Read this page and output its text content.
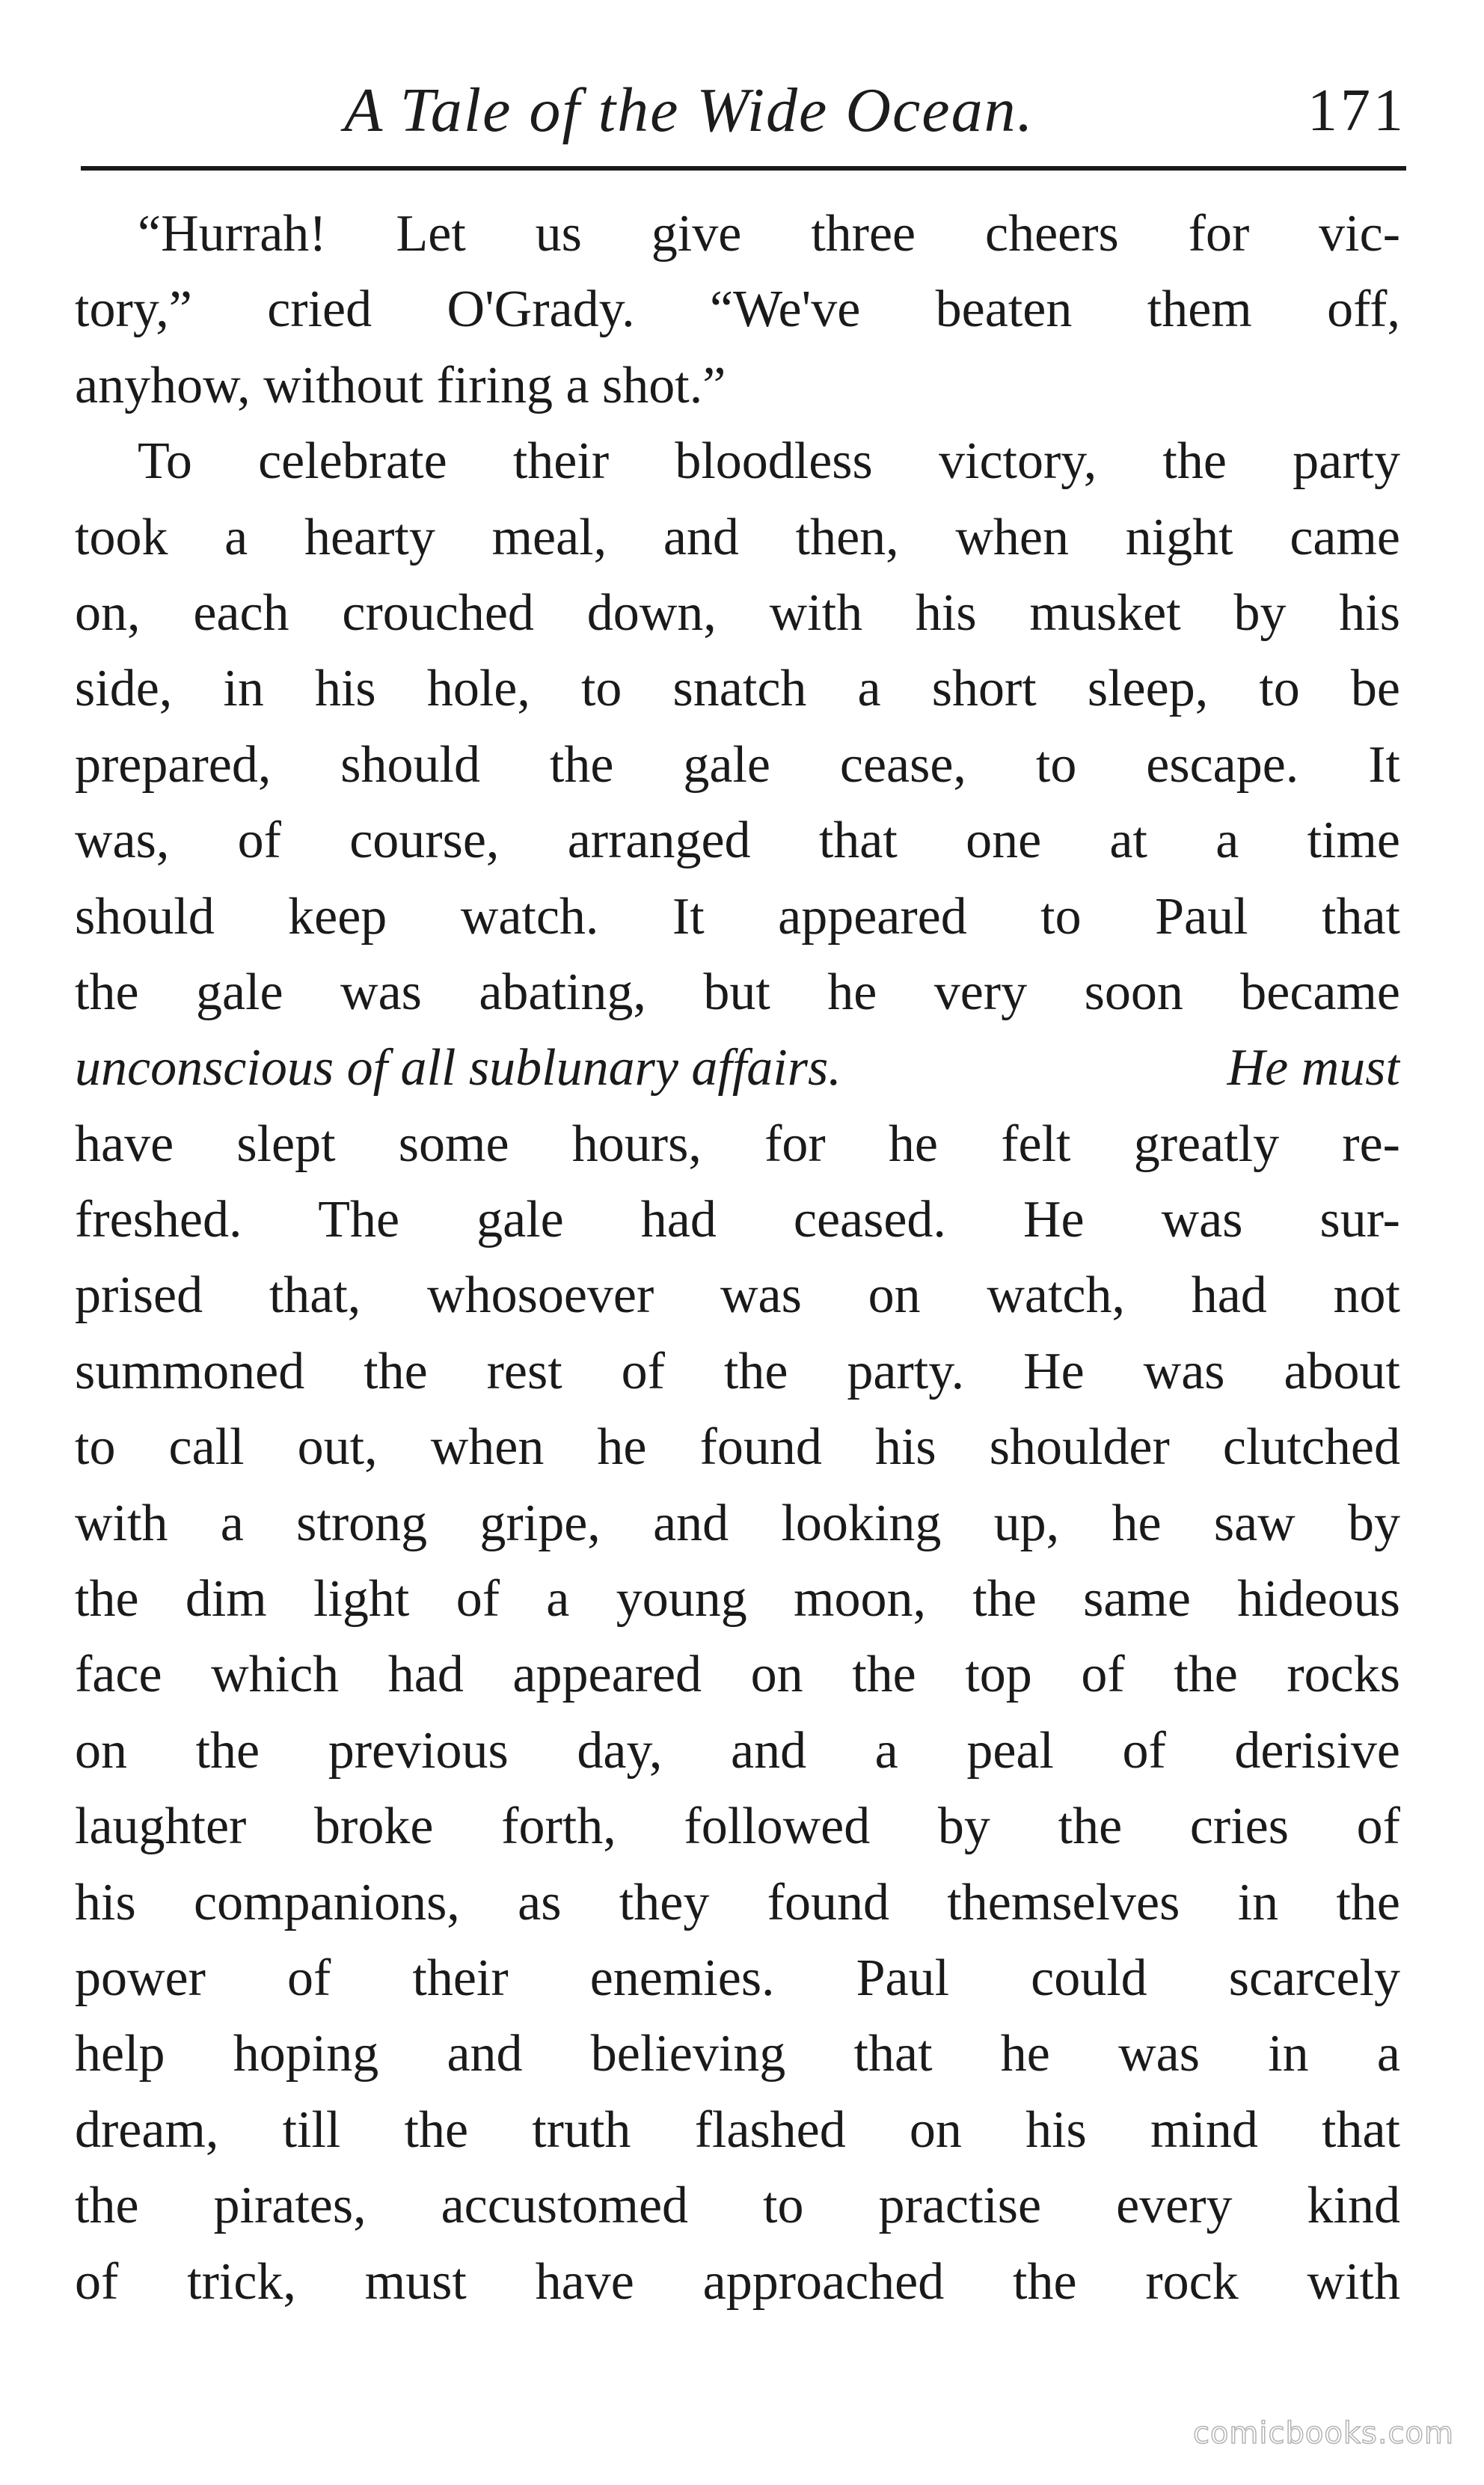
A Tale of the Wide Ocean.	171
“Hurrah! Let us give three cheers for vic-
tory,” cried O'Grady. “We've beaten them off,
anyhow, without firing a shot.”
To celebrate their bloodless victory, the party
took a hearty meal, and then, when night came
on, each crouched down, with his musket by his
side, in his hole, to snatch a short sleep, to be
prepared, should the gale cease, to escape. It
was, of course, arranged that one at a time
should keep watch. It appeared to Paul that
the gale was abating, but he very soon became
unconscious of all sublunary affairs.	He must
have slept some hours, for he felt greatly re-
freshed. The gale had ceased. He was sur-
prised that, whosoever was on watch, had not
summoned the rest of the party. He was about
to call out, when he found his shoulder clutched
with a strong gripe, and looking up, he saw by
the dim light of a young moon, the same hideous
face which had appeared on the top of the rocks
on the previous day, and a peal of derisive
laughter broke forth, followed by the cries of
his companions, as they found themselves in the
power of their enemies. Paul could scarcely
help hoping and believing that he was in a
dream, till the truth flashed on his mind that
the pirates, accustomed to practise every kind
of trick, must have approached the rock with
comicbooks.com
